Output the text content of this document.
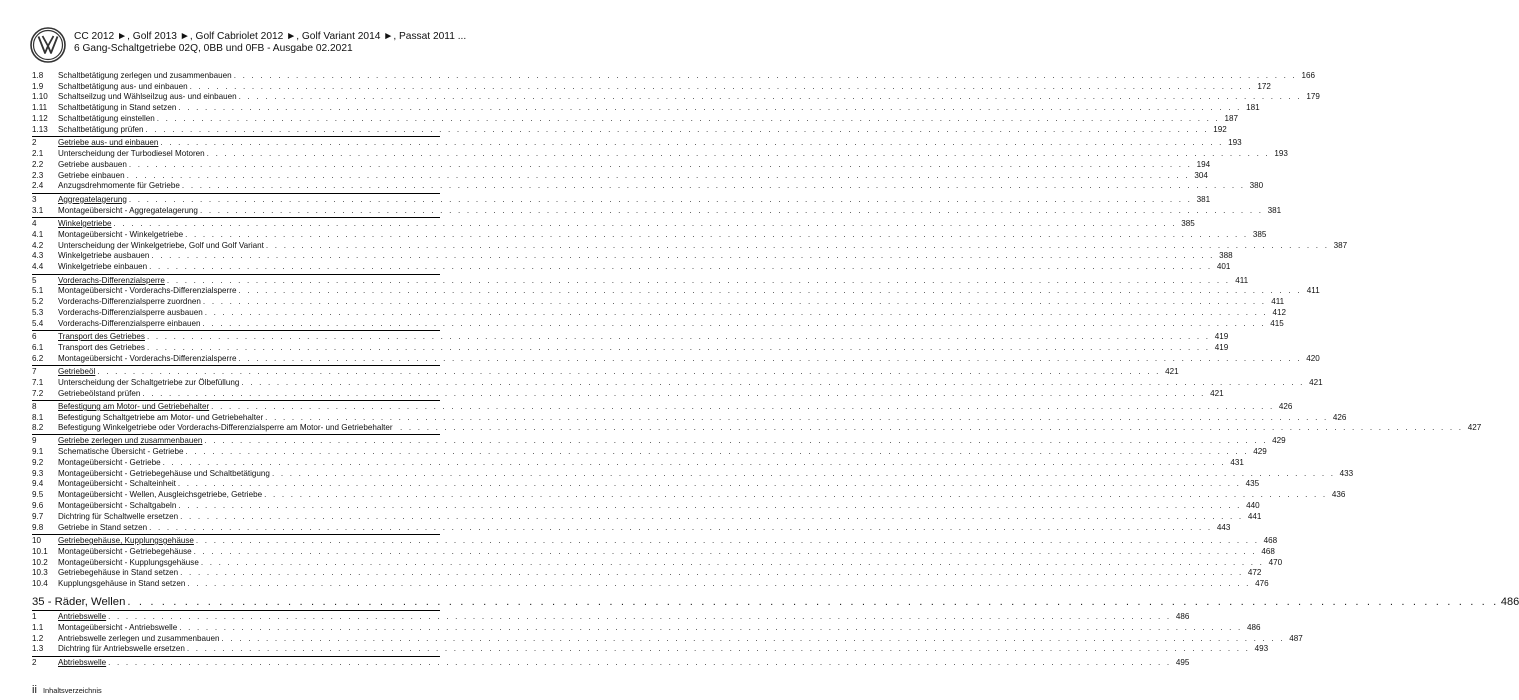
CC 2012 ►, Golf 2013 ►, Golf Cabriolet 2012 ►, Golf Variant 2014 ►, Passat 2011 ...
6 Gang-Schaltgetriebe 02Q, 0BB und 0FB - Ausgabe 02.2021
1.8	Schaltbetätigung zerlegen und zusammenbauen . . . . . . . . . . . . . . . . . . . . . . . . . . . . . . . . . . . . . . . . . . . . . . . . . . . . . . . . . . . . . . . . . . . . . . . . . . . . . . . . . . . . . . . . . . . . . . . . . . . . . . . . . . . . . . . . . . . . . . . . 166
1.9	Schaltbetätigung aus- und einbauen . . . . . . . . . . . . . . . . . . . . . . . . . . . . . . . . . . . . . . . . . . . . . . . . . . . . . . . . . . . . . . . . . . . . . . . . . . . . . . . . . . . . . . . . . . . . . . . . . . . . . . . . . . . . . . . . . . . . . . . . 172
1.10	Schaltseilzug und Wählseilzug aus- und einbauen . . . . . . . . . . . . . . . . . . . . . . . . . . . . . . . . . . . . . . . . . . . . . . . . . . . . . . . . . . . . . . . . . . . . . . . . . . . . . . . . . . . . . . . . . . . . . . . . . . . . . . . . . . . . . . . . . . . . . . . . 179
1.11	Schaltbetätigung in Stand setzen . . . . . . . . . . . . . . . . . . . . . . . . . . . . . . . . . . . . . . . . . . . . . . . . . . . . . . . . . . . . . . . . . . . . . . . . . . . . . . . . . . . . . . . . . . . . . . . . . . . . . . . . . . . . . . . . . . . . . . . . 181
1.12	Schaltbetätigung einstellen . . . . . . . . . . . . . . . . . . . . . . . . . . . . . . . . . . . . . . . . . . . . . . . . . . . . . . . . . . . . . . . . . . . . . . . . . . . . . . . . . . . . . . . . . . . . . . . . . . . . . . . . . . . . . . . . . . . . . . . . 187
1.13	Schaltbetätigung prüfen . . . . . . . . . . . . . . . . . . . . . . . . . . . . . . . . . . . . . . . . . . . . . . . . . . . . . . . . . . . . . . . . . . . . . . . . . . . . . . . . . . . . . . . . . . . . . . . . . . . . . . . . . . . . . . . . . . . . . . . . 192
2	Getriebe aus- und einbauen . . . . . . . . . . . . . . . . . . . . . . . . . . . . . . . . . . . . . . . . . . . . . . . . . . . . . . . . . . . . . . . . . . . . . . . . . . . . . . . . . . . . . . . . . . . . . . . . . . . . . . . . . . . . . . . . . . . . . . . . 193
2.1	Unterscheidung der Turbodiesel Motoren . . . . . . . . . . . . . . . . . . . . . . . . . . . . . . . . . . . . . . . . . . . . . . . . . . . . . . . . . . . . . . . . . . . . . . . . . . . . . . . . . . . . . . . . . . . . . . . . . . . . . . . . . . . . . . . . . . . . . . . . 193
2.2	Getriebe ausbauen . . . . . . . . . . . . . . . . . . . . . . . . . . . . . . . . . . . . . . . . . . . . . . . . . . . . . . . . . . . . . . . . . . . . . . . . . . . . . . . . . . . . . . . . . . . . . . . . . . . . . . . . . . . . . . . . . . . . . . . . 194
2.3	Getriebe einbauen . . . . . . . . . . . . . . . . . . . . . . . . . . . . . . . . . . . . . . . . . . . . . . . . . . . . . . . . . . . . . . . . . . . . . . . . . . . . . . . . . . . . . . . . . . . . . . . . . . . . . . . . . . . . . . . . . . . . . . . . 304
2.4	Anzugsdrehmomente für Getriebe . . . . . . . . . . . . . . . . . . . . . . . . . . . . . . . . . . . . . . . . . . . . . . . . . . . . . . . . . . . . . . . . . . . . . . . . . . . . . . . . . . . . . . . . . . . . . . . . . . . . . . . . . . . . . . . . . . . . . . . . 380
3	Aggregatelagerung . . . . . . . . . . . . . . . . . . . . . . . . . . . . . . . . . . . . . . . . . . . . . . . . . . . . . . . . . . . . . . . . . . . . . . . . . . . . . . . . . . . . . . . . . . . . . . . . . . . . . . . . . . . . . . . . . . . . . . . . 381
3.1	Montageübersicht - Aggregatelagerung . . . . . . . . . . . . . . . . . . . . . . . . . . . . . . . . . . . . . . . . . . . . . . . . . . . . . . . . . . . . . . . . . . . . . . . . . . . . . . . . . . . . . . . . . . . . . . . . . . . . . . . . . . . . . . . . . . . . . . . . 381
4	Winkelgetriebe . . . . . . . . . . . . . . . . . . . . . . . . . . . . . . . . . . . . . . . . . . . . . . . . . . . . . . . . . . . . . . . . . . . . . . . . . . . . . . . . . . . . . . . . . . . . . . . . . . . . . . . . . . . . . . . . . . . . . . . . 385
4.1	Montageübersicht - Winkelgetriebe . . . . . . . . . . . . . . . . . . . . . . . . . . . . . . . . . . . . . . . . . . . . . . . . . . . . . . . . . . . . . . . . . . . . . . . . . . . . . . . . . . . . . . . . . . . . . . . . . . . . . . . . . . . . . . . . . . . . . . . . 385
4.2	Unterscheidung der Winkelgetriebe, Golf und Golf Variant . . . . . . . . . . . . . . . . . . . . . . . . . . . . . . . . . . . . . . . . . . . . . . . . . . . . . . . . . . . . . . . . . . . . . . . . . . . . . . . . . . . . . . . . . . . . . . . . . . . . . . . . . . . . . . . . . . . . . . . . 387
4.3	Winkelgetriebe ausbauen . . . . . . . . . . . . . . . . . . . . . . . . . . . . . . . . . . . . . . . . . . . . . . . . . . . . . . . . . . . . . . . . . . . . . . . . . . . . . . . . . . . . . . . . . . . . . . . . . . . . . . . . . . . . . . . . . . . . . . . . 388
4.4	Winkelgetriebe einbauen . . . . . . . . . . . . . . . . . . . . . . . . . . . . . . . . . . . . . . . . . . . . . . . . . . . . . . . . . . . . . . . . . . . . . . . . . . . . . . . . . . . . . . . . . . . . . . . . . . . . . . . . . . . . . . . . . . . . . . . . 401
5	Vorderachs-Differenzialsperre . . . . . . . . . . . . . . . . . . . . . . . . . . . . . . . . . . . . . . . . . . . . . . . . . . . . . . . . . . . . . . . . . . . . . . . . . . . . . . . . . . . . . . . . . . . . . . . . . . . . . . . . . . . . . . . . . . . . . . . . 411
5.1	Montageübersicht - Vorderachs-Differenzialsperre . . . . . . . . . . . . . . . . . . . . . . . . . . . . . . . . . . . . . . . . . . . . . . . . . . . . . . . . . . . . . . . . . . . . . . . . . . . . . . . . . . . . . . . . . . . . . . . . . . . . . . . . . . . . . . . . . . . . . . . . 411
5.2	Vorderachs-Differenzialsperre zuordnen . . . . . . . . . . . . . . . . . . . . . . . . . . . . . . . . . . . . . . . . . . . . . . . . . . . . . . . . . . . . . . . . . . . . . . . . . . . . . . . . . . . . . . . . . . . . . . . . . . . . . . . . . . . . . . . . . . . . . . . . 411
5.3	Vorderachs-Differenzialsperre ausbauen . . . . . . . . . . . . . . . . . . . . . . . . . . . . . . . . . . . . . . . . . . . . . . . . . . . . . . . . . . . . . . . . . . . . . . . . . . . . . . . . . . . . . . . . . . . . . . . . . . . . . . . . . . . . . . . . . . . . . . . . 412
5.4	Vorderachs-Differenzialsperre einbauen . . . . . . . . . . . . . . . . . . . . . . . . . . . . . . . . . . . . . . . . . . . . . . . . . . . . . . . . . . . . . . . . . . . . . . . . . . . . . . . . . . . . . . . . . . . . . . . . . . . . . . . . . . . . . . . . . . . . . . . . 415
6	Transport des Getriebes . . . . . . . . . . . . . . . . . . . . . . . . . . . . . . . . . . . . . . . . . . . . . . . . . . . . . . . . . . . . . . . . . . . . . . . . . . . . . . . . . . . . . . . . . . . . . . . . . . . . . . . . . . . . . . . . . . . . . . . . 419
6.1	Transport des Getriebes . . . . . . . . . . . . . . . . . . . . . . . . . . . . . . . . . . . . . . . . . . . . . . . . . . . . . . . . . . . . . . . . . . . . . . . . . . . . . . . . . . . . . . . . . . . . . . . . . . . . . . . . . . . . . . . . . . . . . . . . 419
6.2	Montageübersicht - Vorderachs-Differenzialsperre . . . . . . . . . . . . . . . . . . . . . . . . . . . . . . . . . . . . . . . . . . . . . . . . . . . . . . . . . . . . . . . . . . . . . . . . . . . . . . . . . . . . . . . . . . . . . . . . . . . . . . . . . . . . . . . . . . . . . . . . 420
7	Getriebeöl . . . . . . . . . . . . . . . . . . . . . . . . . . . . . . . . . . . . . . . . . . . . . . . . . . . . . . . . . . . . . . . . . . . . . . . . . . . . . . . . . . . . . . . . . . . . . . . . . . . . . . . . . . . . . . . . . . . . . . . . 421
7.1	Unterscheidung der Schaltgetriebe zur Ölbefüllung . . . . . . . . . . . . . . . . . . . . . . . . . . . . . . . . . . . . . . . . . . . . . . . . . . . . . . . . . . . . . . . . . . . . . . . . . . . . . . . . . . . . . . . . . . . . . . . . . . . . . . . . . . . . . . . . . . . . . . . . 421
7.2	Getriebeölstand prüfen . . . . . . . . . . . . . . . . . . . . . . . . . . . . . . . . . . . . . . . . . . . . . . . . . . . . . . . . . . . . . . . . . . . . . . . . . . . . . . . . . . . . . . . . . . . . . . . . . . . . . . . . . . . . . . . . . . . . . . . . 421
8	Befestigung am Motor- und Getriebehalter . . . . . . . . . . . . . . . . . . . . . . . . . . . . . . . . . . . . . . . . . . . . . . . . . . . . . . . . . . . . . . . . . . . . . . . . . . . . . . . . . . . . . . . . . . . . . . . . . . . . . . . . . . . . . . . . . . . . . . . . 426
8.1	Befestigung Schaltgetriebe am Motor- und Getriebehalter . . . . . . . . . . . . . . . . . . . . . . . . . . . . . . . . . . . . . . . . . . . . . . . . . . . . . . . . . . . . . . . . . . . . . . . . . . . . . . . . . . . . . . . . . . . . . . . . . . . . . . . . . . . . . . . . . . . . . . . . 426
8.2	Befestigung Winkelgetriebe oder Vorderachs-Differenzialsperre am Motor- und Getriebehalter . . . . . . . . . . . . . . . . . . . . . . . . . . . . . . . . . . . . . . . . . . . . . . . . . . . . . . . . . . . . . . . . . . . . . . . . . . . . . . . . . . . . . . . . . . . . . . . . . . . . . . . . . . . . . . . . . . . . . . . . 427
9	Getriebe zerlegen und zusammenbauen . . . . . . . . . . . . . . . . . . . . . . . . . . . . . . . . . . . . . . . . . . . . . . . . . . . . . . . . . . . . . . . . . . . . . . . . . . . . . . . . . . . . . . . . . . . . . . . . . . . . . . . . . . . . . . . . . . . . . . . . 429
9.1	Schematische Übersicht - Getriebe . . . . . . . . . . . . . . . . . . . . . . . . . . . . . . . . . . . . . . . . . . . . . . . . . . . . . . . . . . . . . . . . . . . . . . . . . . . . . . . . . . . . . . . . . . . . . . . . . . . . . . . . . . . . . . . . . . . . . . . . 429
9.2	Montageübersicht - Getriebe . . . . . . . . . . . . . . . . . . . . . . . . . . . . . . . . . . . . . . . . . . . . . . . . . . . . . . . . . . . . . . . . . . . . . . . . . . . . . . . . . . . . . . . . . . . . . . . . . . . . . . . . . . . . . . . . . . . . . . . . 431
9.3	Montageübersicht - Getriebegehäuse und Schaltbetätigung . . . . . . . . . . . . . . . . . . . . . . . . . . . . . . . . . . . . . . . . . . . . . . . . . . . . . . . . . . . . . . . . . . . . . . . . . . . . . . . . . . . . . . . . . . . . . . . . . . . . . . . . . . . . . . . . . . . . . . . . 433
9.4	Montageübersicht - Schalteinheit . . . . . . . . . . . . . . . . . . . . . . . . . . . . . . . . . . . . . . . . . . . . . . . . . . . . . . . . . . . . . . . . . . . . . . . . . . . . . . . . . . . . . . . . . . . . . . . . . . . . . . . . . . . . . . . . . . . . . . . . 435
9.5	Montageübersicht - Wellen, Ausgleichsgetriebe, Getriebe . . . . . . . . . . . . . . . . . . . . . . . . . . . . . . . . . . . . . . . . . . . . . . . . . . . . . . . . . . . . . . . . . . . . . . . . . . . . . . . . . . . . . . . . . . . . . . . . . . . . . . . . . . . . . . . . . . . . . . . . 436
9.6	Montageübersicht - Schaltgabeln . . . . . . . . . . . . . . . . . . . . . . . . . . . . . . . . . . . . . . . . . . . . . . . . . . . . . . . . . . . . . . . . . . . . . . . . . . . . . . . . . . . . . . . . . . . . . . . . . . . . . . . . . . . . . . . . . . . . . . . . 440
9.7	Dichtring für Schaltwelle ersetzen . . . . . . . . . . . . . . . . . . . . . . . . . . . . . . . . . . . . . . . . . . . . . . . . . . . . . . . . . . . . . . . . . . . . . . . . . . . . . . . . . . . . . . . . . . . . . . . . . . . . . . . . . . . . . . . . . . . . . . . . 441
9.8	Getriebe in Stand setzen . . . . . . . . . . . . . . . . . . . . . . . . . . . . . . . . . . . . . . . . . . . . . . . . . . . . . . . . . . . . . . . . . . . . . . . . . . . . . . . . . . . . . . . . . . . . . . . . . . . . . . . . . . . . . . . . . . . . . . . . 443
10	Getriebegehäuse, Kupplungsgehäuse . . . . . . . . . . . . . . . . . . . . . . . . . . . . . . . . . . . . . . . . . . . . . . . . . . . . . . . . . . . . . . . . . . . . . . . . . . . . . . . . . . . . . . . . . . . . . . . . . . . . . . . . . . . . . . . . . . . . . . . . 468
10.1	Montageübersicht - Getriebegehäuse . . . . . . . . . . . . . . . . . . . . . . . . . . . . . . . . . . . . . . . . . . . . . . . . . . . . . . . . . . . . . . . . . . . . . . . . . . . . . . . . . . . . . . . . . . . . . . . . . . . . . . . . . . . . . . . . . . . . . . . . 468
10.2	Montageübersicht - Kupplungsgehäuse . . . . . . . . . . . . . . . . . . . . . . . . . . . . . . . . . . . . . . . . . . . . . . . . . . . . . . . . . . . . . . . . . . . . . . . . . . . . . . . . . . . . . . . . . . . . . . . . . . . . . . . . . . . . . . . . . . . . . . . . 470
10.3	Getriebegehäuse in Stand setzen . . . . . . . . . . . . . . . . . . . . . . . . . . . . . . . . . . . . . . . . . . . . . . . . . . . . . . . . . . . . . . . . . . . . . . . . . . . . . . . . . . . . . . . . . . . . . . . . . . . . . . . . . . . . . . . . . . . . . . . . 472
10.4	Kupplungsgehäuse in Stand setzen . . . . . . . . . . . . . . . . . . . . . . . . . . . . . . . . . . . . . . . . . . . . . . . . . . . . . . . . . . . . . . . . . . . . . . . . . . . . . . . . . . . . . . . . . . . . . . . . . . . . . . . . . . . . . . . . . . . . . . . . 476
35 - Räder, Wellen . . . . . . . . . . . . . . . . . . . . . . . . . . . . . . . . . . . . . . . . . . . . . . . . . . . . . . . . . . . . . . . . . . . . . . . . . . . . . . . . . . . . . . . . . . . . . . . . . . . . . . . . . . . . . . . . . . . . . . . . 486
1	Antriebswelle . . . . . . . . . . . . . . . . . . . . . . . . . . . . . . . . . . . . . . . . . . . . . . . . . . . . . . . . . . . . . . . . . . . . . . . . . . . . . . . . . . . . . . . . . . . . . . . . . . . . . . . . . . . . . . . . . . . . . . . . 486
1.1	Montageübersicht - Antriebswelle . . . . . . . . . . . . . . . . . . . . . . . . . . . . . . . . . . . . . . . . . . . . . . . . . . . . . . . . . . . . . . . . . . . . . . . . . . . . . . . . . . . . . . . . . . . . . . . . . . . . . . . . . . . . . . . . . . . . . . . . 486
1.2	Antriebswelle zerlegen und zusammenbauen . . . . . . . . . . . . . . . . . . . . . . . . . . . . . . . . . . . . . . . . . . . . . . . . . . . . . . . . . . . . . . . . . . . . . . . . . . . . . . . . . . . . . . . . . . . . . . . . . . . . . . . . . . . . . . . . . . . . . . . . 487
1.3	Dichtring für Antriebswelle ersetzen . . . . . . . . . . . . . . . . . . . . . . . . . . . . . . . . . . . . . . . . . . . . . . . . . . . . . . . . . . . . . . . . . . . . . . . . . . . . . . . . . . . . . . . . . . . . . . . . . . . . . . . . . . . . . . . . . . . . . . . . 493
2	Abtriebswelle . . . . . . . . . . . . . . . . . . . . . . . . . . . . . . . . . . . . . . . . . . . . . . . . . . . . . . . . . . . . . . . . . . . . . . . . . . . . . . . . . . . . . . . . . . . . . . . . . . . . . . . . . . . . . . . . . . . . . . . . 495
ii Inhaltsverzeichnis
